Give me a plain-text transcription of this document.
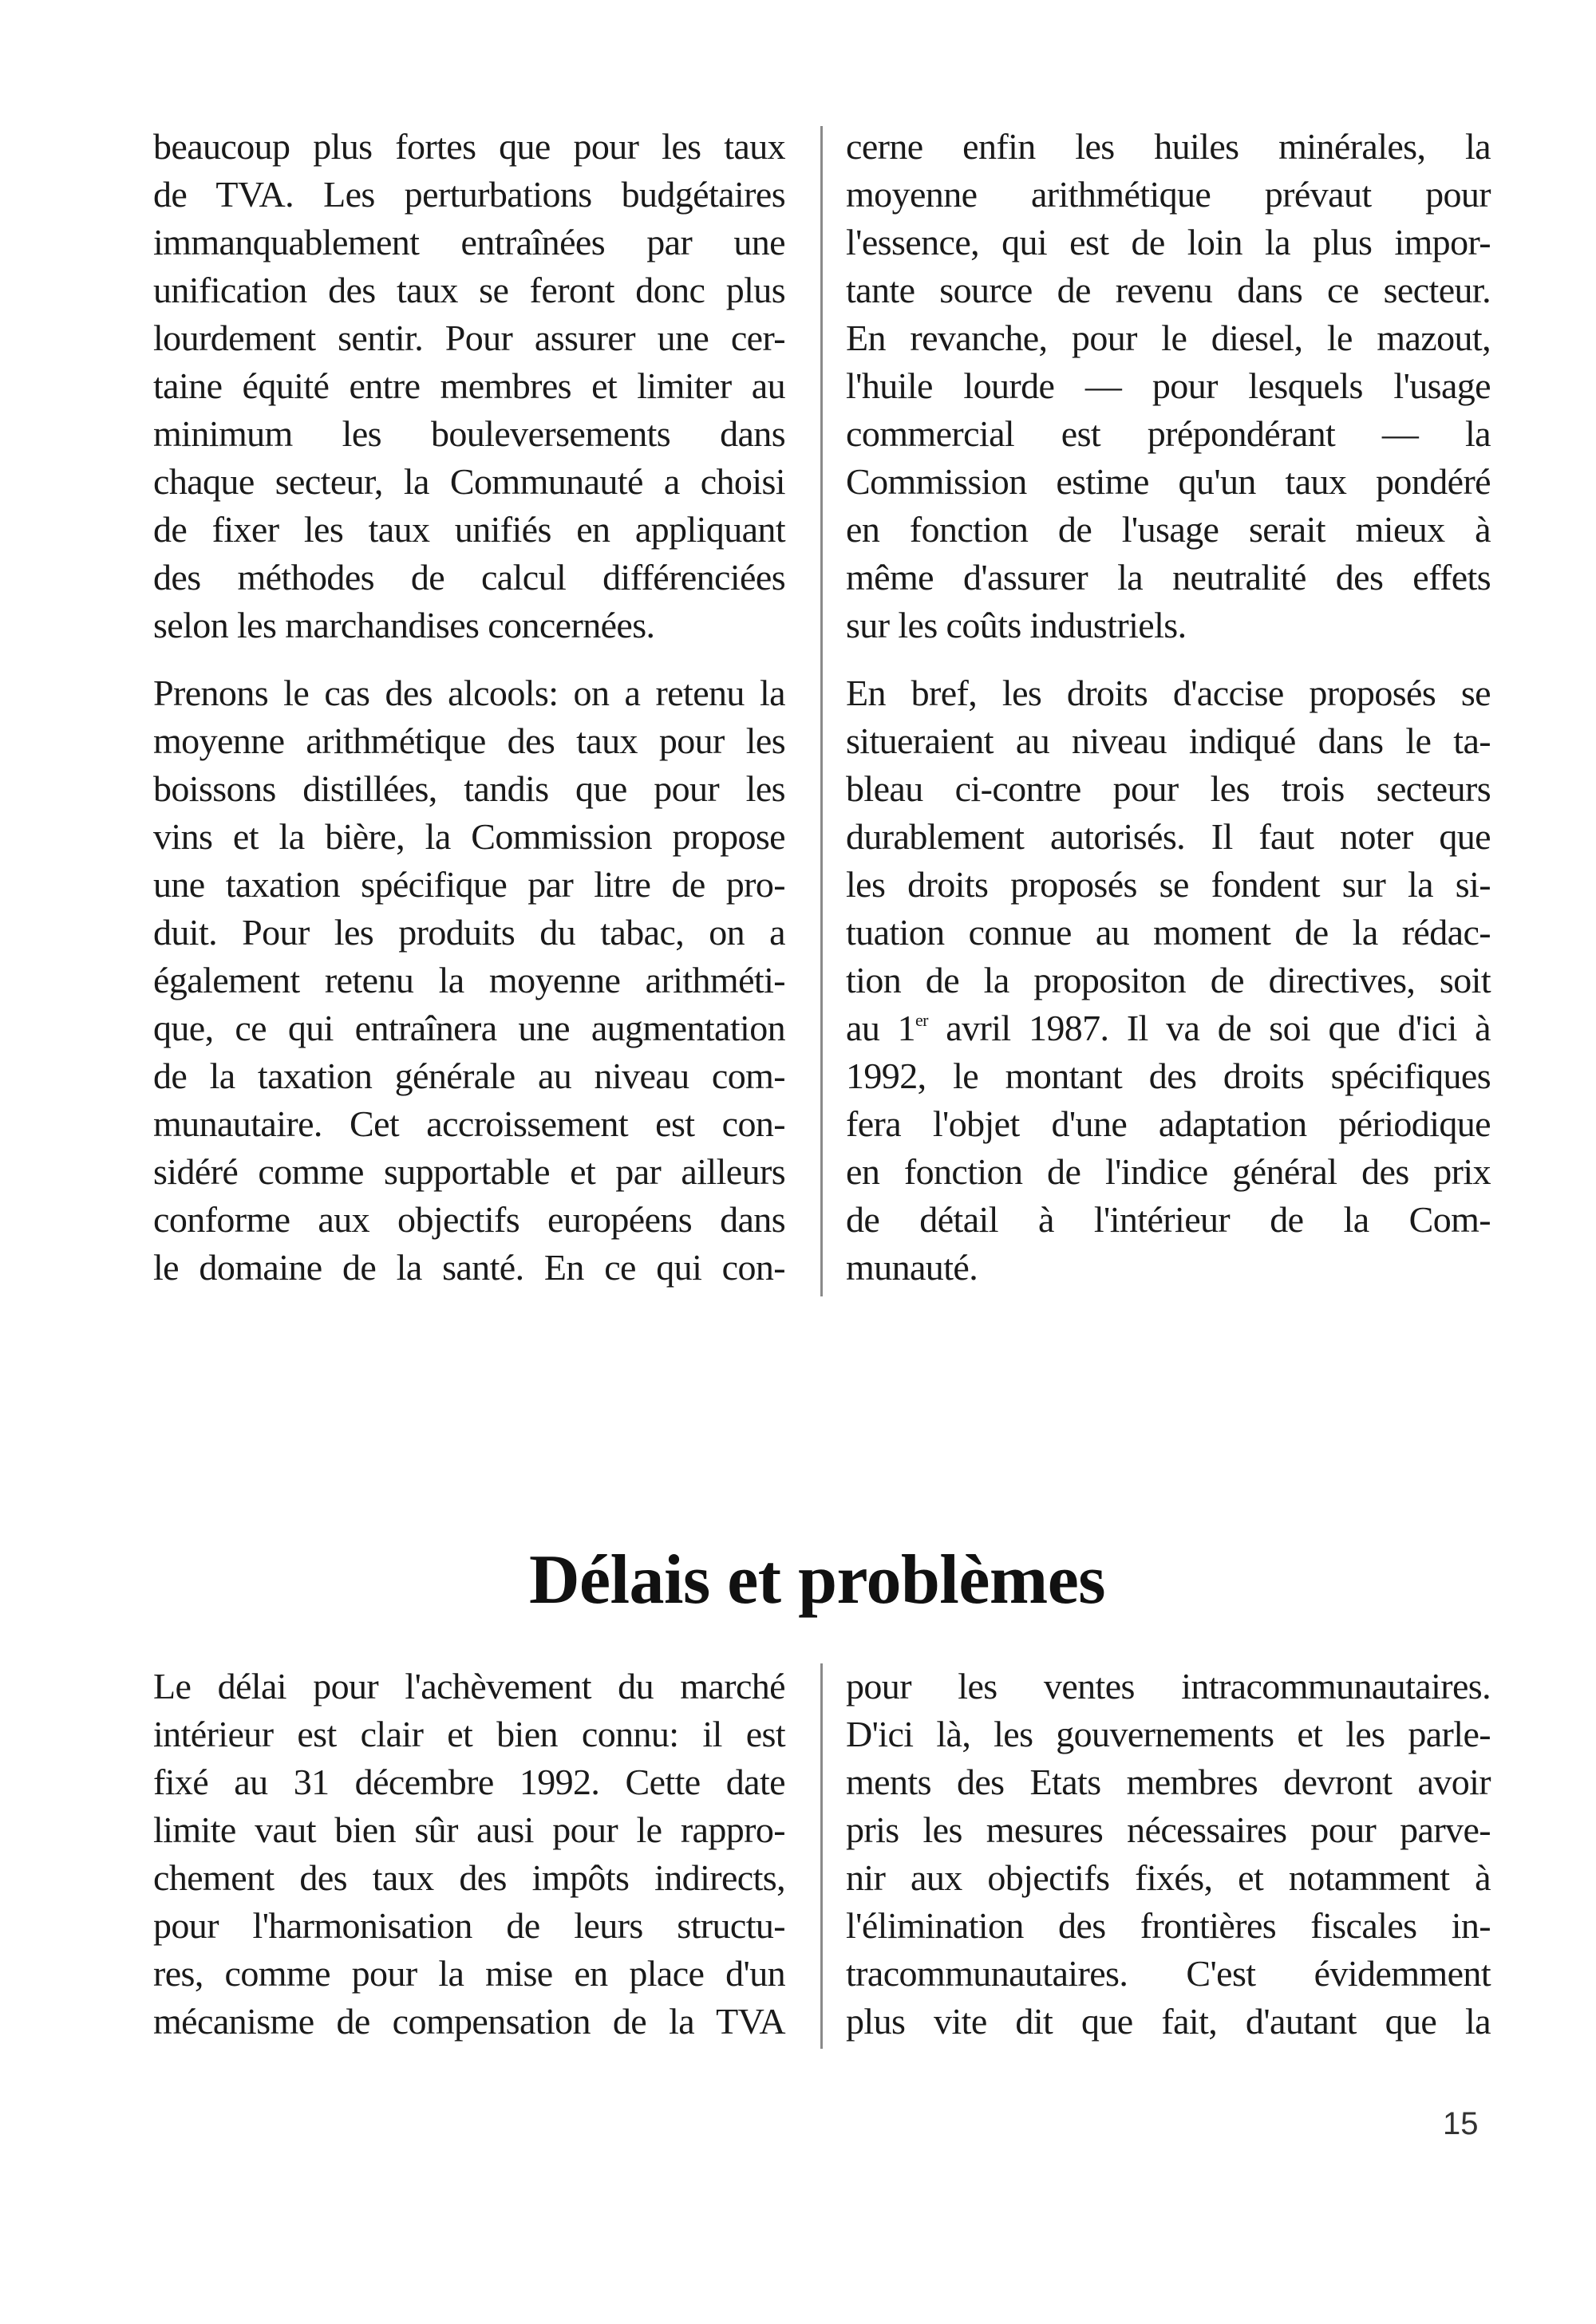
beaucoup plus fortes que pour les taux
de TVA. Les perturbations budgétaires
immanquablement entraînées par une
unification des taux se feront donc plus
lourdement sentir. Pour assurer une cer-
taine équité entre membres et limiter au
minimum les bouleversements dans
chaque secteur, la Communauté a choisi
de fixer les taux unifiés en appliquant
des méthodes de calcul différenciées
selon les marchandises concernées.

Prenons le cas des alcools: on a retenu la
moyenne arithmétique des taux pour les
boissons distillées, tandis que pour les
vins et la bière, la Commission propose
une taxation spécifique par litre de pro-
duit. Pour les produits du tabac, on a
également retenu la moyenne arithméti-
que, ce qui entraînera une augmentation
de la taxation générale au niveau com-
munautaire. Cet accroissement est con-
sidéré comme supportable et par ailleurs
conforme aux objectifs européens dans
le domaine de la santé. En ce qui con-

cerne enfin les huiles minérales, la
moyenne arithmétique prévaut pour
l'essence, qui est de loin la plus impor-
tante source de revenu dans ce secteur.
En revanche, pour le diesel, le mazout,
l'huile lourde — pour lesquels l'usage
commercial est prépondérant — la
Commission estime qu'un taux pondéré
en fonction de l'usage serait mieux à
même d'assurer la neutralité des effets
sur les coûts industriels.

En bref, les droits d'accise proposés se
situeraient au niveau indiqué dans le ta-
bleau ci-contre pour les trois secteurs
durablement autorisés. Il faut noter que
les droits proposés se fondent sur la si-
tuation connue au moment de la rédac-
tion de la propositon de directives, soit
au 1er avril 1987. Il va de soi que d'ici à
1992, le montant des droits spécifiques
fera l'objet d'une adaptation périodique
en fonction de l'indice général des prix
de détail à l'intérieur de la Com-
munauté.

Délais et problèmes

Le délai pour l'achèvement du marché
intérieur est clair et bien connu: il est
fixé au 31 décembre 1992. Cette date
limite vaut bien sûr ausi pour le rappro-
chement des taux des impôts indirects,
pour l'harmonisation de leurs structu-
res, comme pour la mise en place d'un
mécanisme de compensation de la TVA

pour les ventes intracommunautaires.
D'ici là, les gouvernements et les parle-
ments des Etats membres devront avoir
pris les mesures nécessaires pour parve-
nir aux objectifs fixés, et notamment à
l'élimination des frontières fiscales in-
tracommunautaires. C'est évidemment
plus vite dit que fait, d'autant que la

15
